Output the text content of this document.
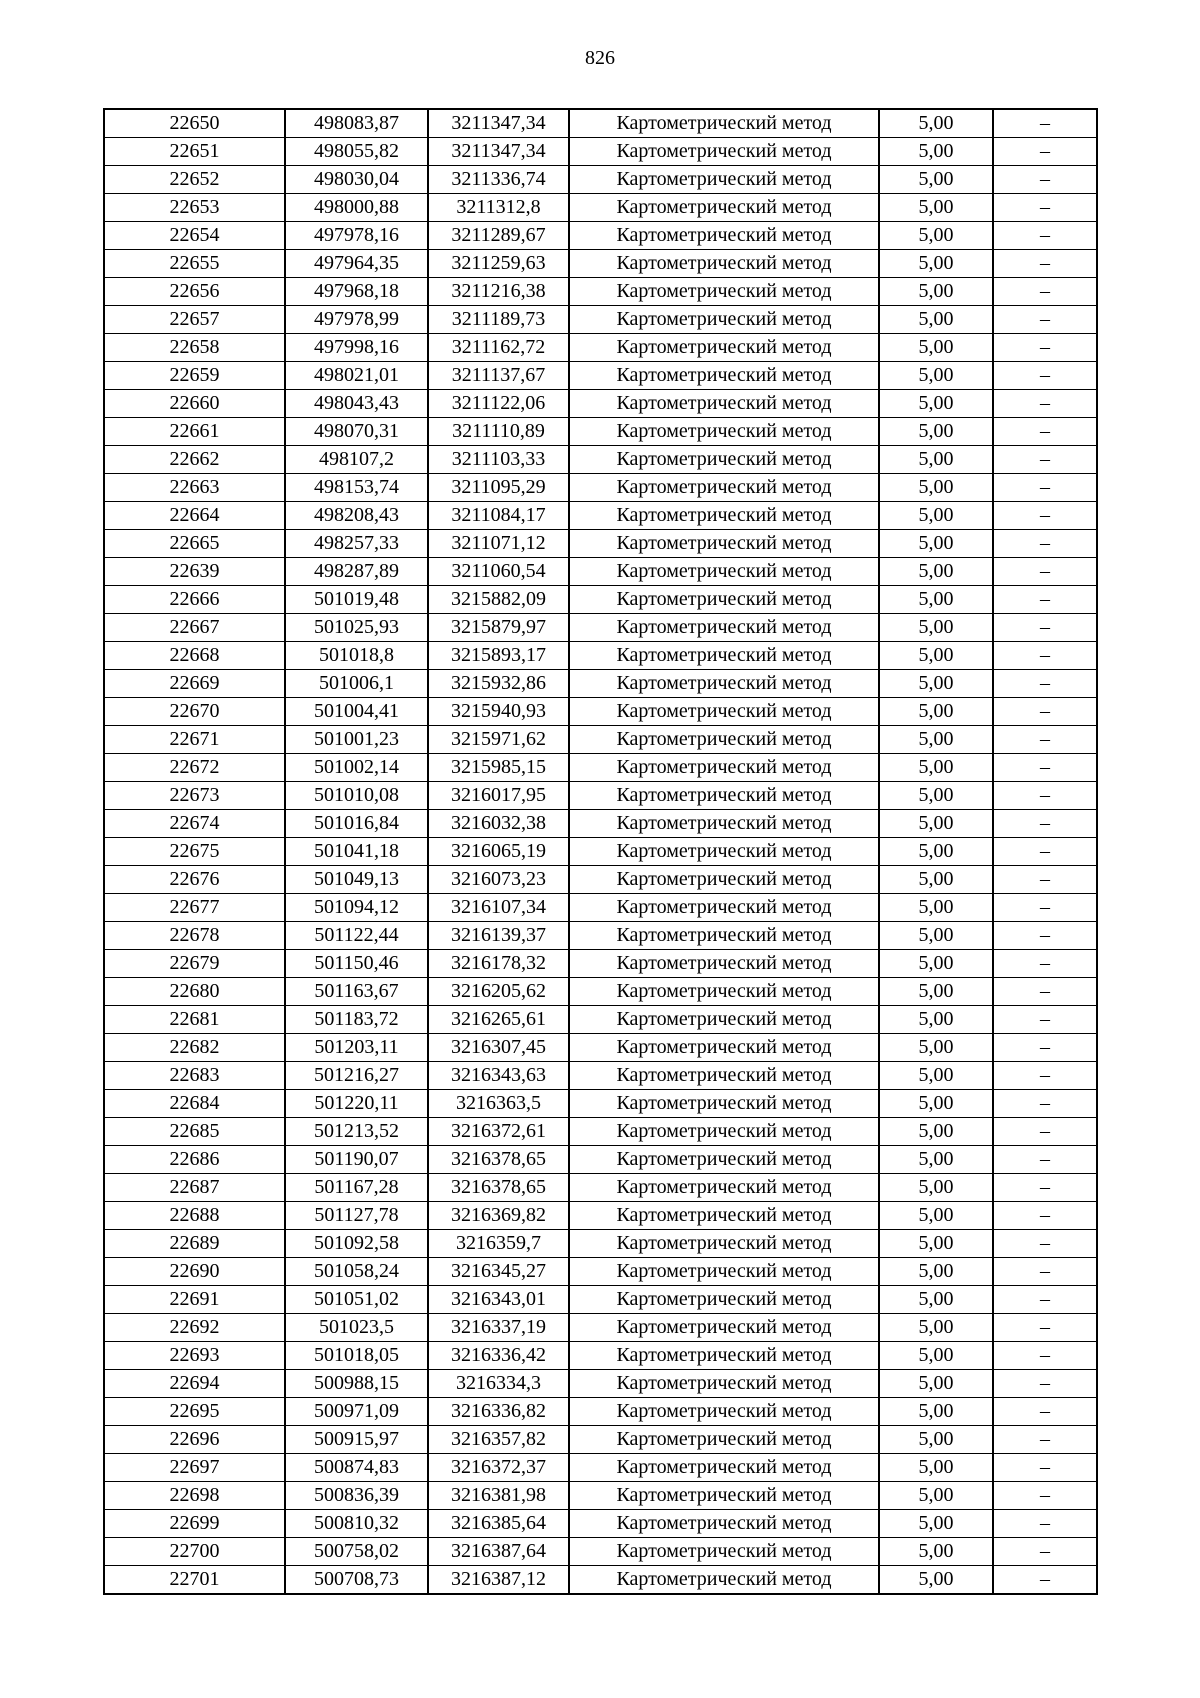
826
22650	498083,87	3211347,34	Картометрический метод	5,00	–
22651	498055,82	3211347,34	Картометрический метод	5,00	–
22652	498030,04	3211336,74	Картометрический метод	5,00	–
22653	498000,88	3211312,8	Картометрический метод	5,00	–
22654	497978,16	3211289,67	Картометрический метод	5,00	–
22655	497964,35	3211259,63	Картометрический метод	5,00	–
22656	497968,18	3211216,38	Картометрический метод	5,00	–
22657	497978,99	3211189,73	Картометрический метод	5,00	–
22658	497998,16	3211162,72	Картометрический метод	5,00	–
22659	498021,01	3211137,67	Картометрический метод	5,00	–
22660	498043,43	3211122,06	Картометрический метод	5,00	–
22661	498070,31	3211110,89	Картометрический метод	5,00	–
22662	498107,2	3211103,33	Картометрический метод	5,00	–
22663	498153,74	3211095,29	Картометрический метод	5,00	–
22664	498208,43	3211084,17	Картометрический метод	5,00	–
22665	498257,33	3211071,12	Картометрический метод	5,00	–
22639	498287,89	3211060,54	Картометрический метод	5,00	–
22666	501019,48	3215882,09	Картометрический метод	5,00	–
22667	501025,93	3215879,97	Картометрический метод	5,00	–
22668	501018,8	3215893,17	Картометрический метод	5,00	–
22669	501006,1	3215932,86	Картометрический метод	5,00	–
22670	501004,41	3215940,93	Картометрический метод	5,00	–
22671	501001,23	3215971,62	Картометрический метод	5,00	–
22672	501002,14	3215985,15	Картометрический метод	5,00	–
22673	501010,08	3216017,95	Картометрический метод	5,00	–
22674	501016,84	3216032,38	Картометрический метод	5,00	–
22675	501041,18	3216065,19	Картометрический метод	5,00	–
22676	501049,13	3216073,23	Картометрический метод	5,00	–
22677	501094,12	3216107,34	Картометрический метод	5,00	–
22678	501122,44	3216139,37	Картометрический метод	5,00	–
22679	501150,46	3216178,32	Картометрический метод	5,00	–
22680	501163,67	3216205,62	Картометрический метод	5,00	–
22681	501183,72	3216265,61	Картометрический метод	5,00	–
22682	501203,11	3216307,45	Картометрический метод	5,00	–
22683	501216,27	3216343,63	Картометрический метод	5,00	–
22684	501220,11	3216363,5	Картометрический метод	5,00	–
22685	501213,52	3216372,61	Картометрический метод	5,00	–
22686	501190,07	3216378,65	Картометрический метод	5,00	–
22687	501167,28	3216378,65	Картометрический метод	5,00	–
22688	501127,78	3216369,82	Картометрический метод	5,00	–
22689	501092,58	3216359,7	Картометрический метод	5,00	–
22690	501058,24	3216345,27	Картометрический метод	5,00	–
22691	501051,02	3216343,01	Картометрический метод	5,00	–
22692	501023,5	3216337,19	Картометрический метод	5,00	–
22693	501018,05	3216336,42	Картометрический метод	5,00	–
22694	500988,15	3216334,3	Картометрический метод	5,00	–
22695	500971,09	3216336,82	Картометрический метод	5,00	–
22696	500915,97	3216357,82	Картометрический метод	5,00	–
22697	500874,83	3216372,37	Картометрический метод	5,00	–
22698	500836,39	3216381,98	Картометрический метод	5,00	–
22699	500810,32	3216385,64	Картометрический метод	5,00	–
22700	500758,02	3216387,64	Картометрический метод	5,00	–
22701	500708,73	3216387,12	Картометрический метод	5,00	–
